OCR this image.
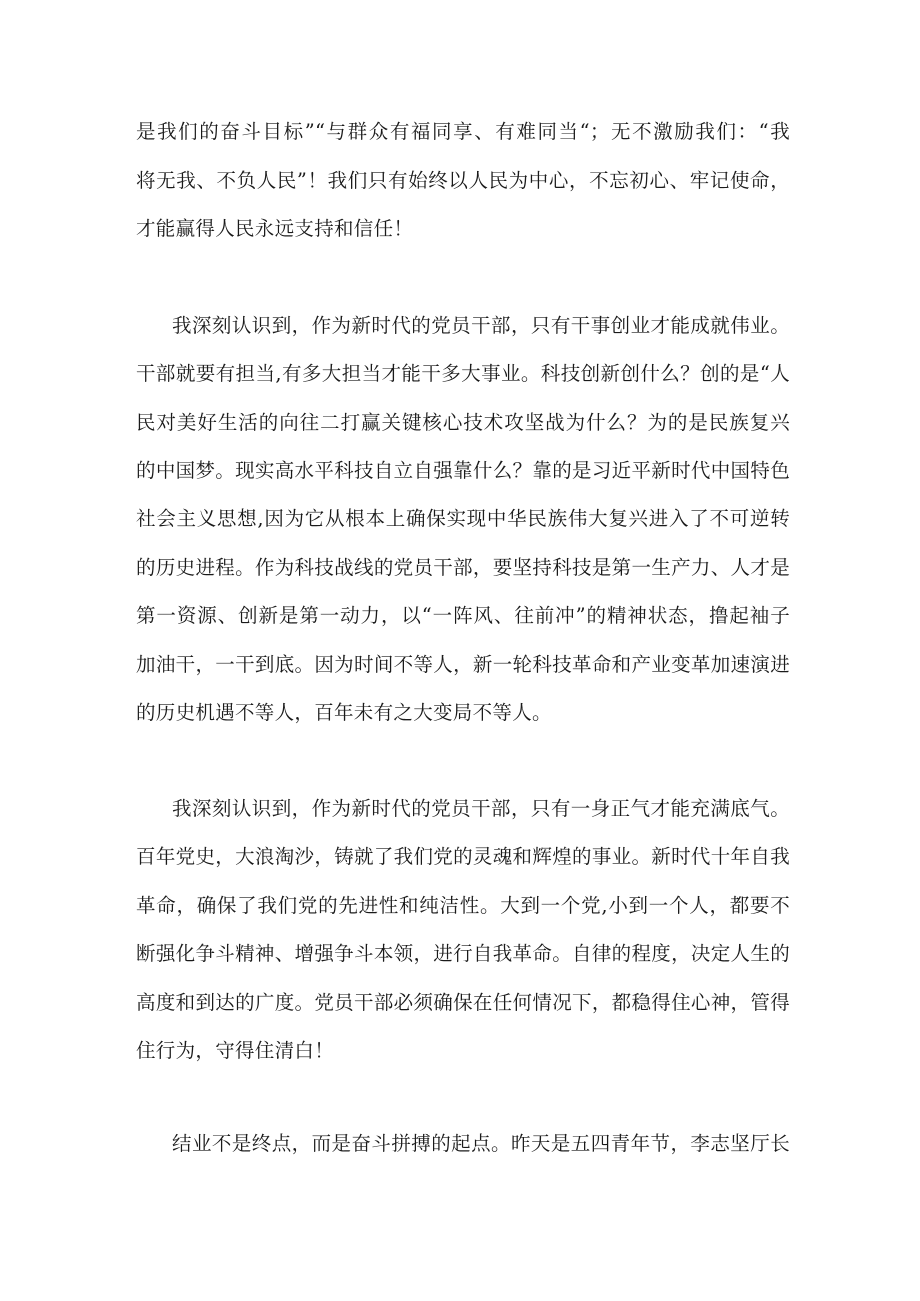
是我们的奋斗目标”“与群众有福同享、有难同当“；无不激励我们：“我
将无我、不负人民”！我们只有始终以人民为中心，不忘初心、牢记使命，
才能赢得人民永远支持和信任！
我深刻认识到，作为新时代的党员干部，只有干事创业才能成就伟业。
干部就要有担当,有多大担当才能干多大事业。科技创新创什么？创的是“人
民对美好生活的向往二打赢关键核心技术攻坚战为什么？为的是民族复兴
的中国梦。现实高水平科技自立自强靠什么？靠的是习近平新时代中国特色
社会主义思想,因为它从根本上确保实现中华民族伟大复兴进入了不可逆转
的历史进程。作为科技战线的党员干部，要坚持科技是第一生产力、人才是
第一资源、创新是第一动力，以“一阵风、往前冲”的精神状态，撸起袖子
加油干，一干到底。因为时间不等人，新一轮科技革命和产业变革加速演进
的历史机遇不等人，百年未有之大变局不等人。
我深刻认识到，作为新时代的党员干部，只有一身正气才能充满底气。
百年党史，大浪淘沙，铸就了我们党的灵魂和辉煌的事业。新时代十年自我
革命，确保了我们党的先进性和纯洁性。大到一个党,小到一个人，都要不
断强化争斗精神、增强争斗本领，进行自我革命。自律的程度，决定人生的
高度和到达的广度。党员干部必须确保在任何情况下，都稳得住心神，管得
住行为，守得住清白！
结业不是终点，而是奋斗拼搏的起点。昨天是五四青年节，李志坚厅长
